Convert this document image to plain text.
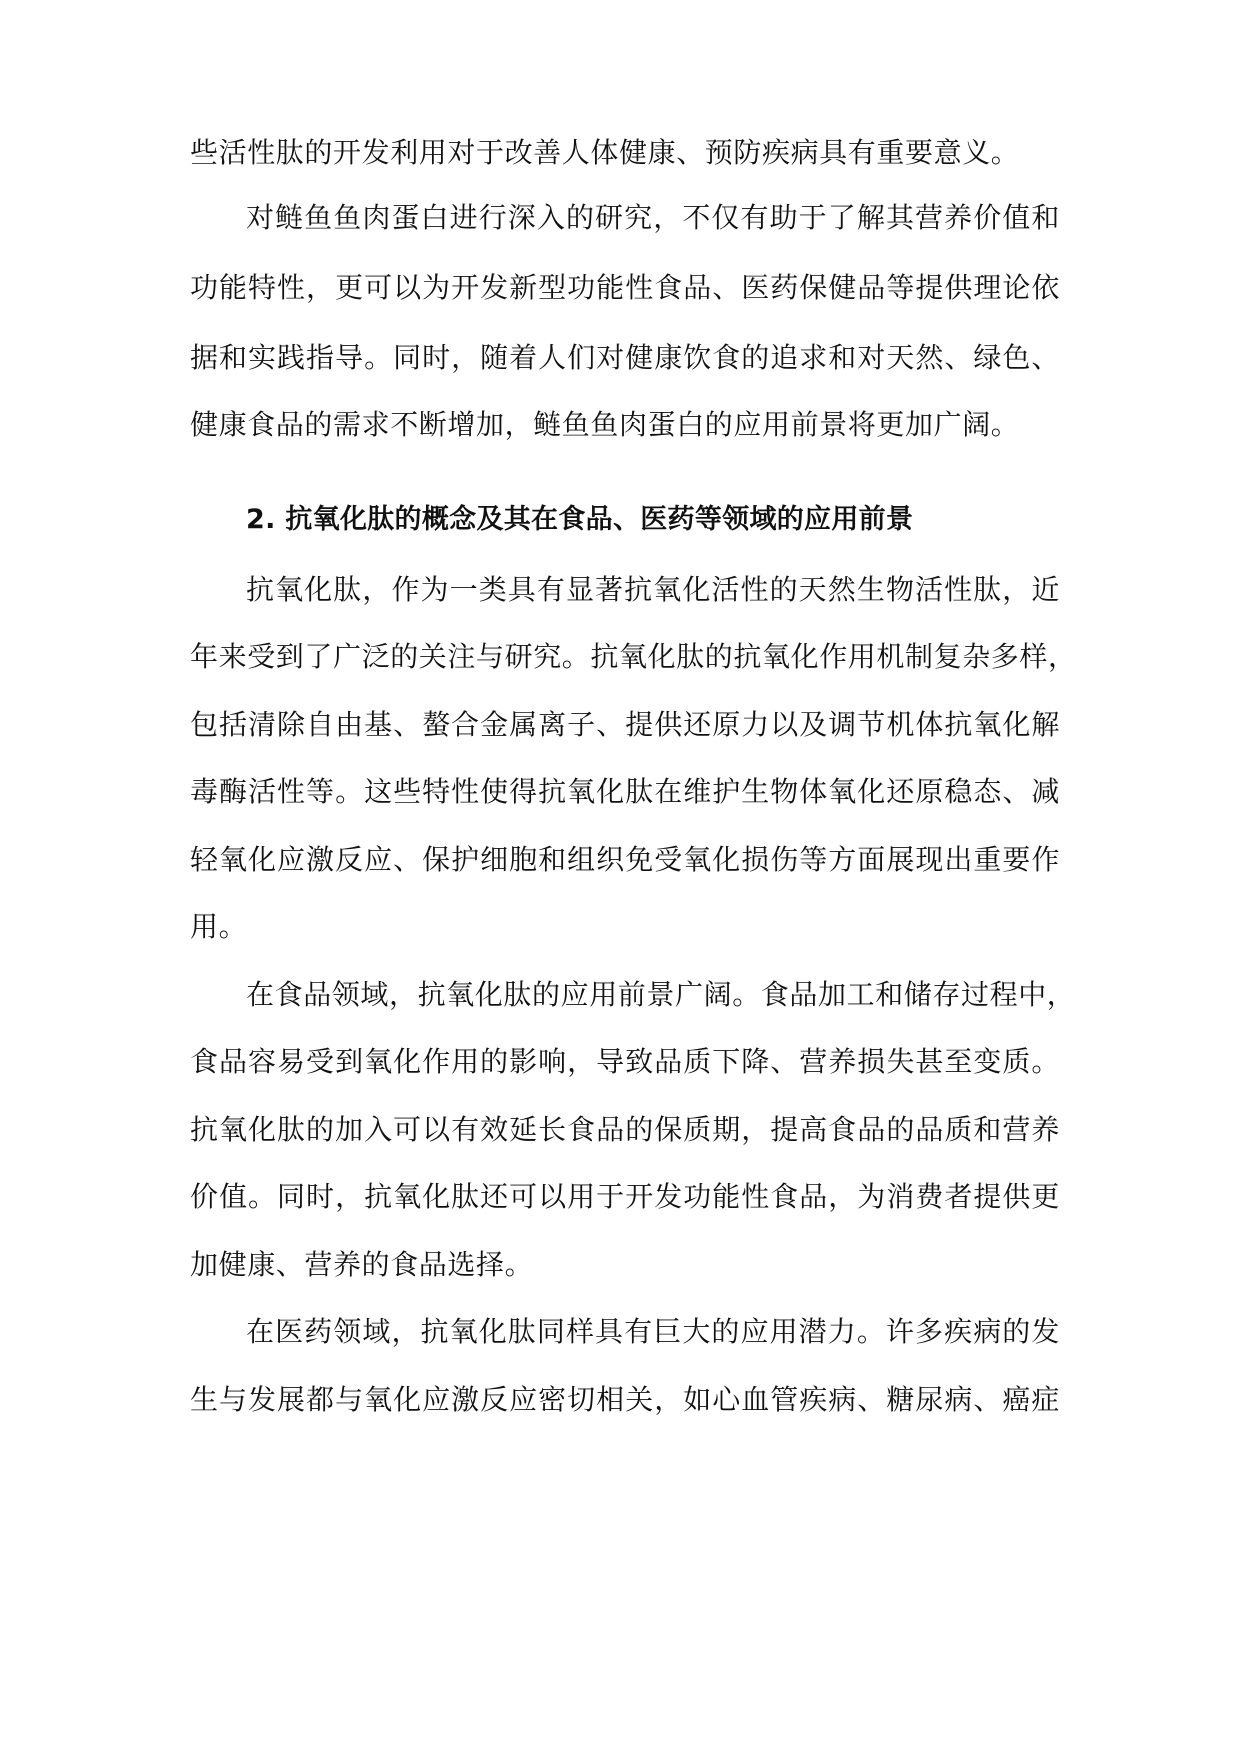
些活性肽的开发利用对于改善人体健康、预防疾病具有重要意义。
对鲢鱼鱼肉蛋白进行深入的研究，不仅有助于了解其营养价值和
功能特性，更可以为开发新型功能性食品、医药保健品等提供理论依
据和实践指导。同时，随着人们对健康饮食的追求和对天然、绿色、
健康食品的需求不断增加，鲢鱼鱼肉蛋白的应用前景将更加广阔。
2. 抗氧化肽的概念及其在食品、医药等领域的应用前景
抗氧化肽，作为一类具有显著抗氧化活性的天然生物活性肽，近
年来受到了广泛的关注与研究。抗氧化肽的抗氧化作用机制复杂多样，
包括清除自由基、螯合金属离子、提供还原力以及调节机体抗氧化解
毒酶活性等。这些特性使得抗氧化肽在维护生物体氧化还原稳态、减
轻氧化应激反应、保护细胞和组织免受氧化损伤等方面展现出重要作
用。
在食品领域，抗氧化肽的应用前景广阔。食品加工和储存过程中，
食品容易受到氧化作用的影响，导致品质下降、营养损失甚至变质。
抗氧化肽的加入可以有效延长食品的保质期，提高食品的品质和营养
价值。同时，抗氧化肽还可以用于开发功能性食品，为消费者提供更
加健康、营养的食品选择。
在医药领域，抗氧化肽同样具有巨大的应用潜力。许多疾病的发
生与发展都与氧化应激反应密切相关，如心血管疾病、糖尿病、癌症
